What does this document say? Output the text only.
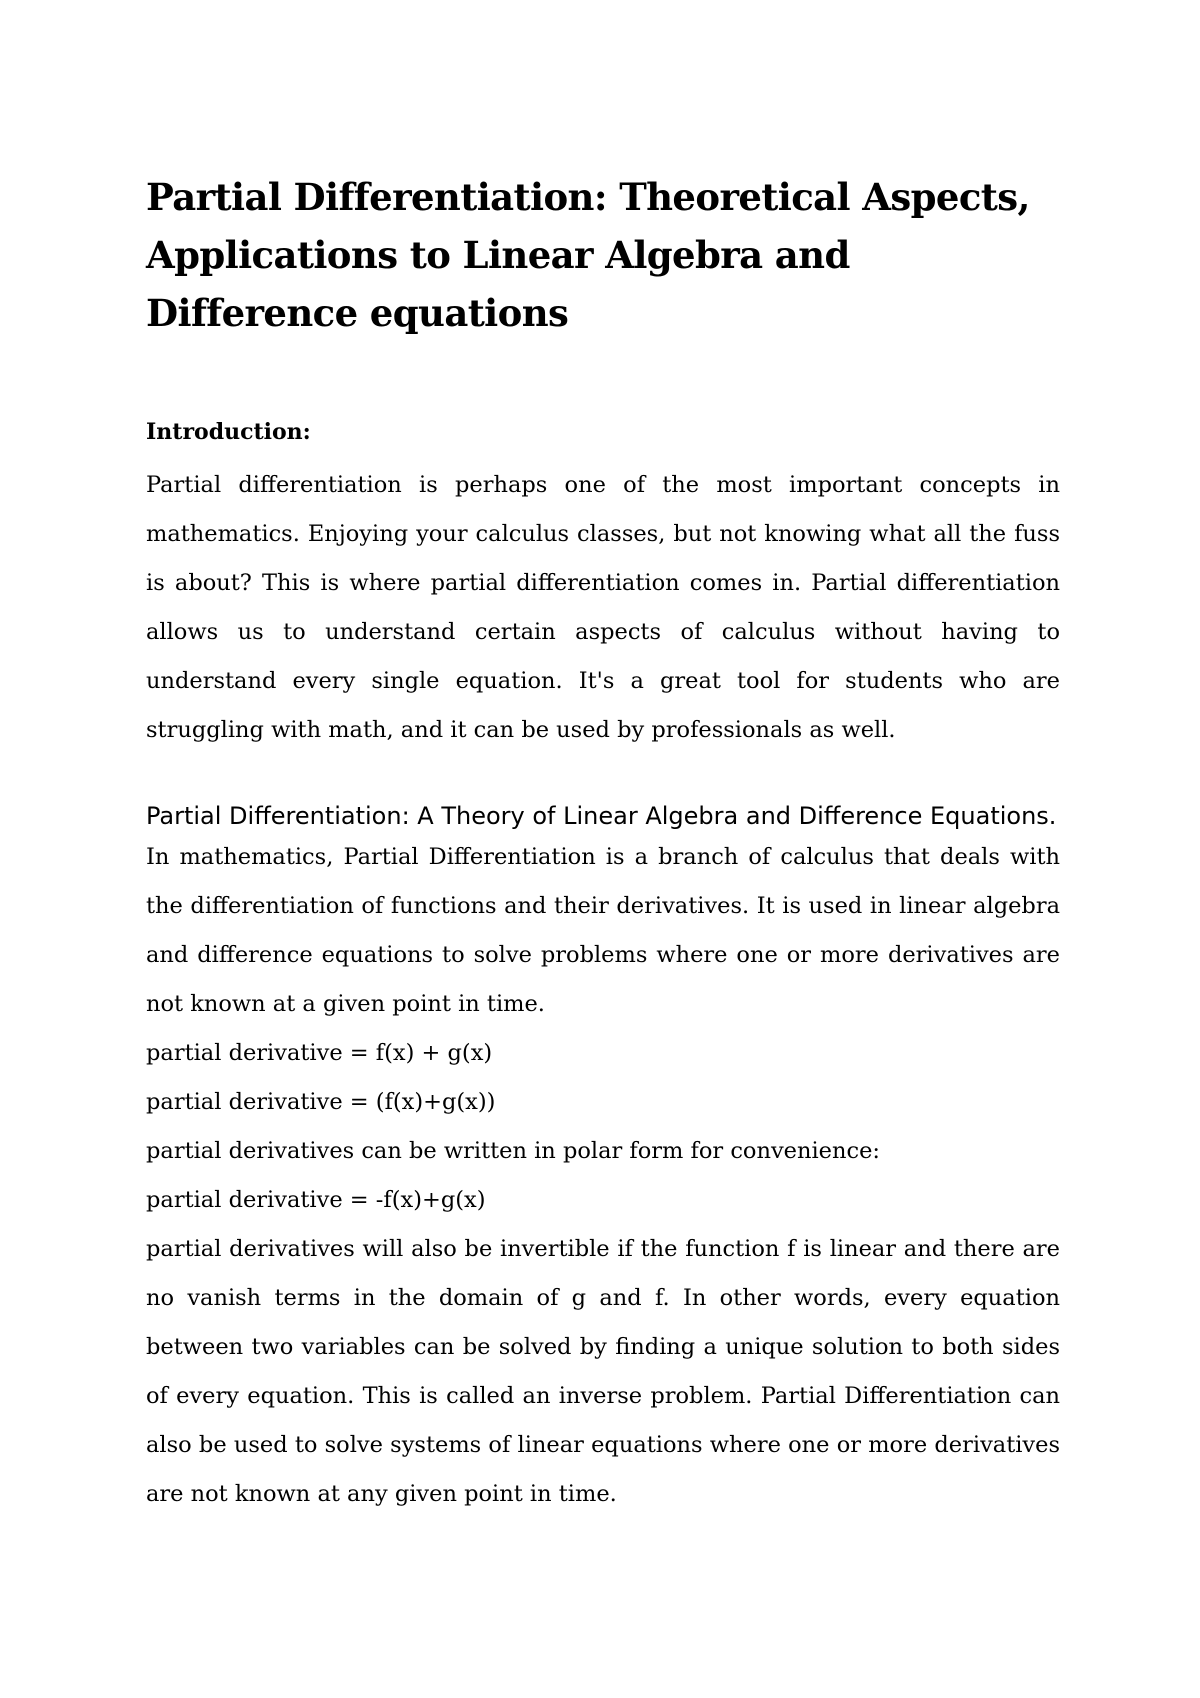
Partial Differentiation: Theoretical Aspects, Applications to Linear Algebra and Difference equations
Introduction:

Partial differentiation is perhaps one of the most important concepts in mathematics. Enjoying your calculus classes, but not knowing what all the fuss is about? This is where partial differentiation comes in. Partial differentiation allows us to understand certain aspects of calculus without having to understand every single equation. It's a great tool for students who are struggling with math, and it can be used by professionals as well.

Partial Differentiation: A Theory of Linear Algebra and Difference Equations.

In mathematics, Partial Differentiation is a branch of calculus that deals with the differentiation of functions and their derivatives. It is used in linear algebra and difference equations to solve problems where one or more derivatives are not known at a given point in time.

partial derivative = f(x) + g(x)

partial derivative = (f(x)+g(x))

partial derivatives can be written in polar form for convenience:

partial derivative = -f(x)+g(x)

partial derivatives will also be invertible if the function f is linear and there are no vanish terms in the domain of g and f. In other words, every equation between two variables can be solved by finding a unique solution to both sides of every equation. This is called an inverse problem. Partial Differentiation can also be used to solve systems of linear equations where one or more derivatives are not known at any given point in time.
